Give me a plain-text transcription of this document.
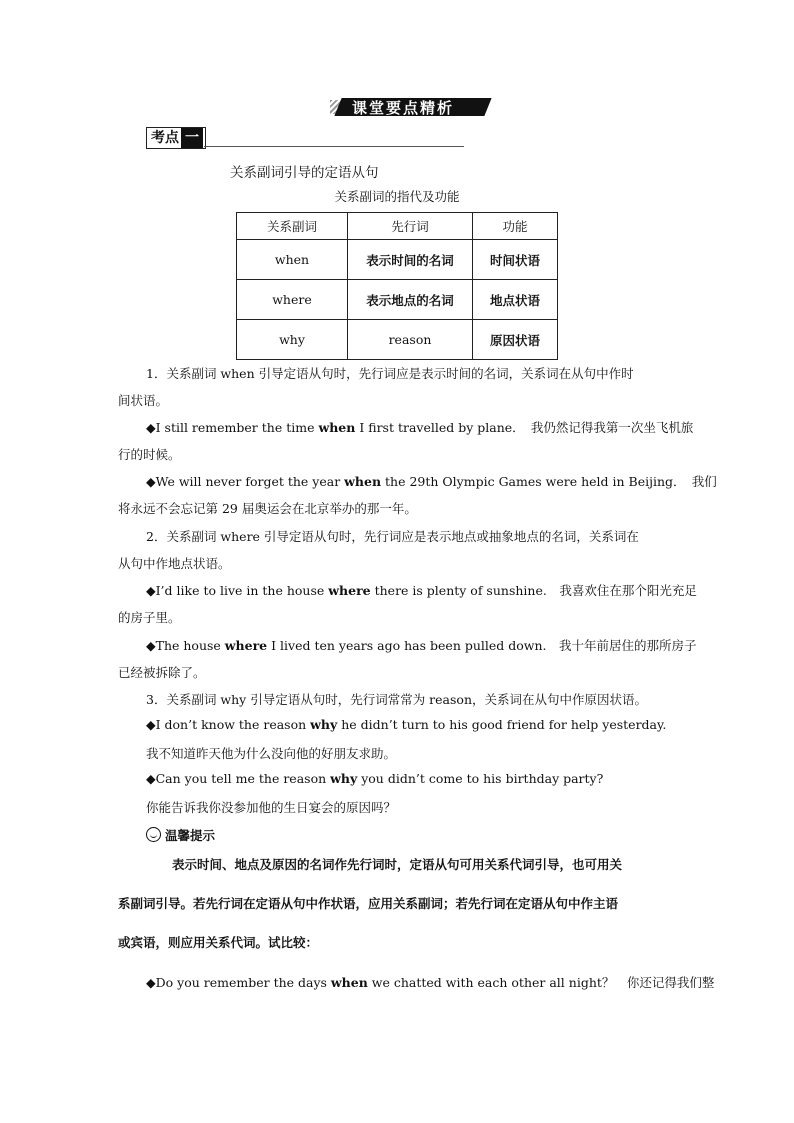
课堂要点精析
考点 一
关系副词引导的定语从句
关系副词的指代及功能
关系副词	先行词	功能
when	表示时间的名词	时间状语
where	表示地点的名词	地点状语
why	reason	原因状语
1．关系副词 when 引导定语从句时，先行词应是表示时间的名词，关系词在从句中作时
间状语。
◆I still remember the time when I first travelled by plane．　我仍然记得我第一次坐飞机旅
行的时候。
◆We will never forget the year when the 29th Olympic Games were held in Beijing．　我们
将永远不会忘记第 29 届奥运会在北京举办的那一年。
2．关系副词 where 引导定语从句时，先行词应是表示地点或抽象地点的名词，关系词在
从句中作地点状语。
◆I’d like to live in the house where there is plenty of sunshine.　我喜欢住在那个阳光充足
的房子里。
◆The house where I lived ten years ago has been pulled down.　我十年前居住的那所房子
已经被拆除了。
3．关系副词 why 引导定语从句时，先行词常常为 reason，关系词在从句中作原因状语。
◆I don’t know the reason why he didn’t turn to his good friend for help yesterday.
我不知道昨天他为什么没向他的好朋友求助。
◆Can you tell me the reason why you didn’t come to his birthday party?
你能告诉我你没参加他的生日宴会的原因吗？
温馨提示
表示时间、地点及原因的名词作先行词时，定语从句可用关系代词引导，也可用关
系副词引导。若先行词在定语从句中作状语，应用关系副词；若先行词在定语从句中作主语
或宾语，则应用关系代词。试比较：
◆Do you remember the days when we chatted with each other all night？　你还记得我们整
